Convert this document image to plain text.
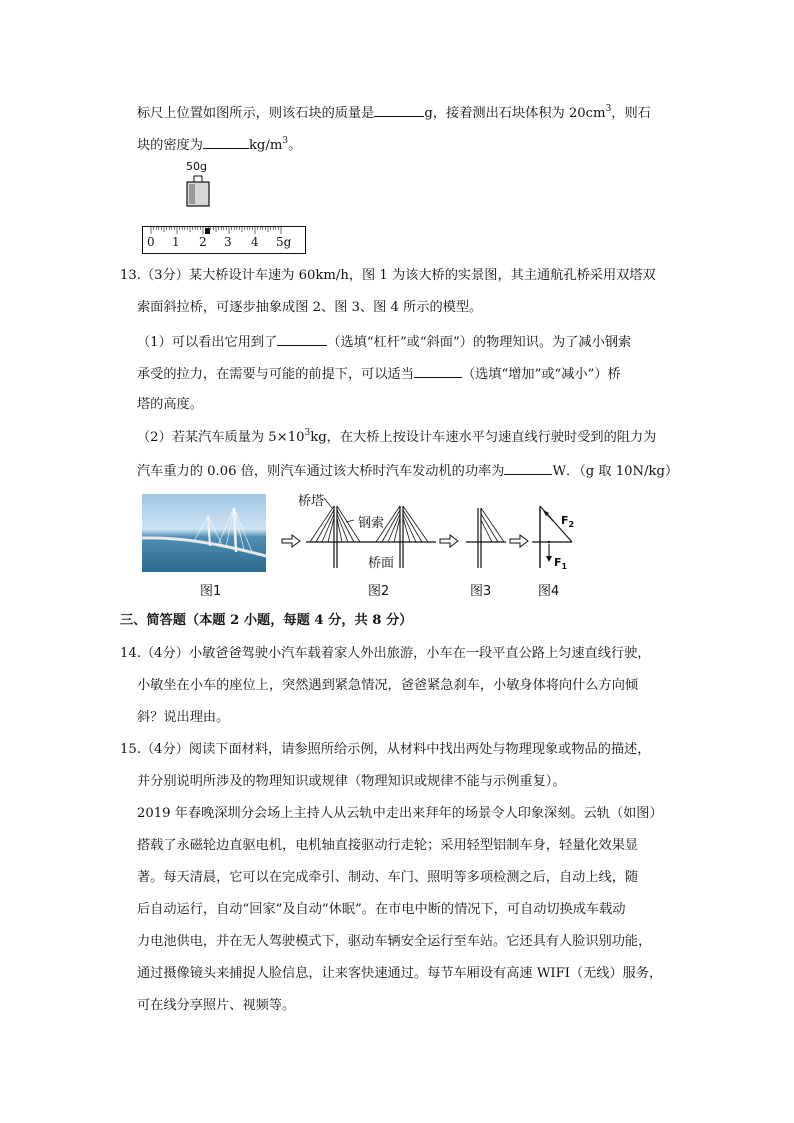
标尺上位置如图所示，则该石块的质量是	g，接着测出石块体积为 $20cm^3$，则石
块的密度为	$kg/m^3$。
50g
0 1 2 3 4 5g
13.（3分）某大桥设计车速为 60km/h，图 1 为该大桥的实景图，其主通航孔桥采用双塔双
索面斜拉桥，可逐步抽象成图 2、图 3、图 4 所示的模型。
（1）可以看出它用到了	（选填“杠杆”或“斜面”）的物理知识。为了减小钢索
承受的拉力，在需要与可能的前提下，可以适当	（选填“增加”或“减小”）桥
塔的高度。
（2）若某汽车质量为 $5\times 10^3kg$，在大桥上按设计车速水平匀速直线行驶时受到的阻力为
汽车重力的 0.06 倍，则汽车通过该大桥时汽车发动机的功率为	W．（g 取 10N/kg）
桥塔
钢索
桥面
$F_2$
$F_1$
图1	图2	图3	图4
三、简答题（本题 2 小题，每题 4 分，共 8 分）
14.（4分）小敏爸爸驾驶小汽车载着家人外出旅游，小车在一段平直公路上匀速直线行驶，
小敏坐在小车的座位上，突然遇到紧急情况，爸爸紧急刹车，小敏身体将向什么方向倾
斜？说出理由。
15.（4分）阅读下面材料，请参照所给示例，从材料中找出两处与物理现象或物品的描述，
并分别说明所涉及的物理知识或规律（物理知识或规律不能与示例重复）。
2019 年春晚深圳分会场上主持人从云轨中走出来拜年的场景令人印象深刻。云轨（如图）
搭载了永磁轮边直驱电机，电机轴直接驱动行走轮；采用轻型铝制车身，轻量化效果显
著。每天清晨，它可以在完成牵引、制动、车门、照明等多项检测之后，自动上线，随
后自动运行，自动“回家”及自动“休眠”。在市电中断的情况下，可自动切换成车载动
力电池供电，并在无人驾驶模式下，驱动车辆安全运行至车站。它还具有人脸识别功能，
通过摄像镜头来捕捉人脸信息，让来客快速通过。每节车厢设有高速 WIFI（无线）服务，
可在线分享照片、视频等。
